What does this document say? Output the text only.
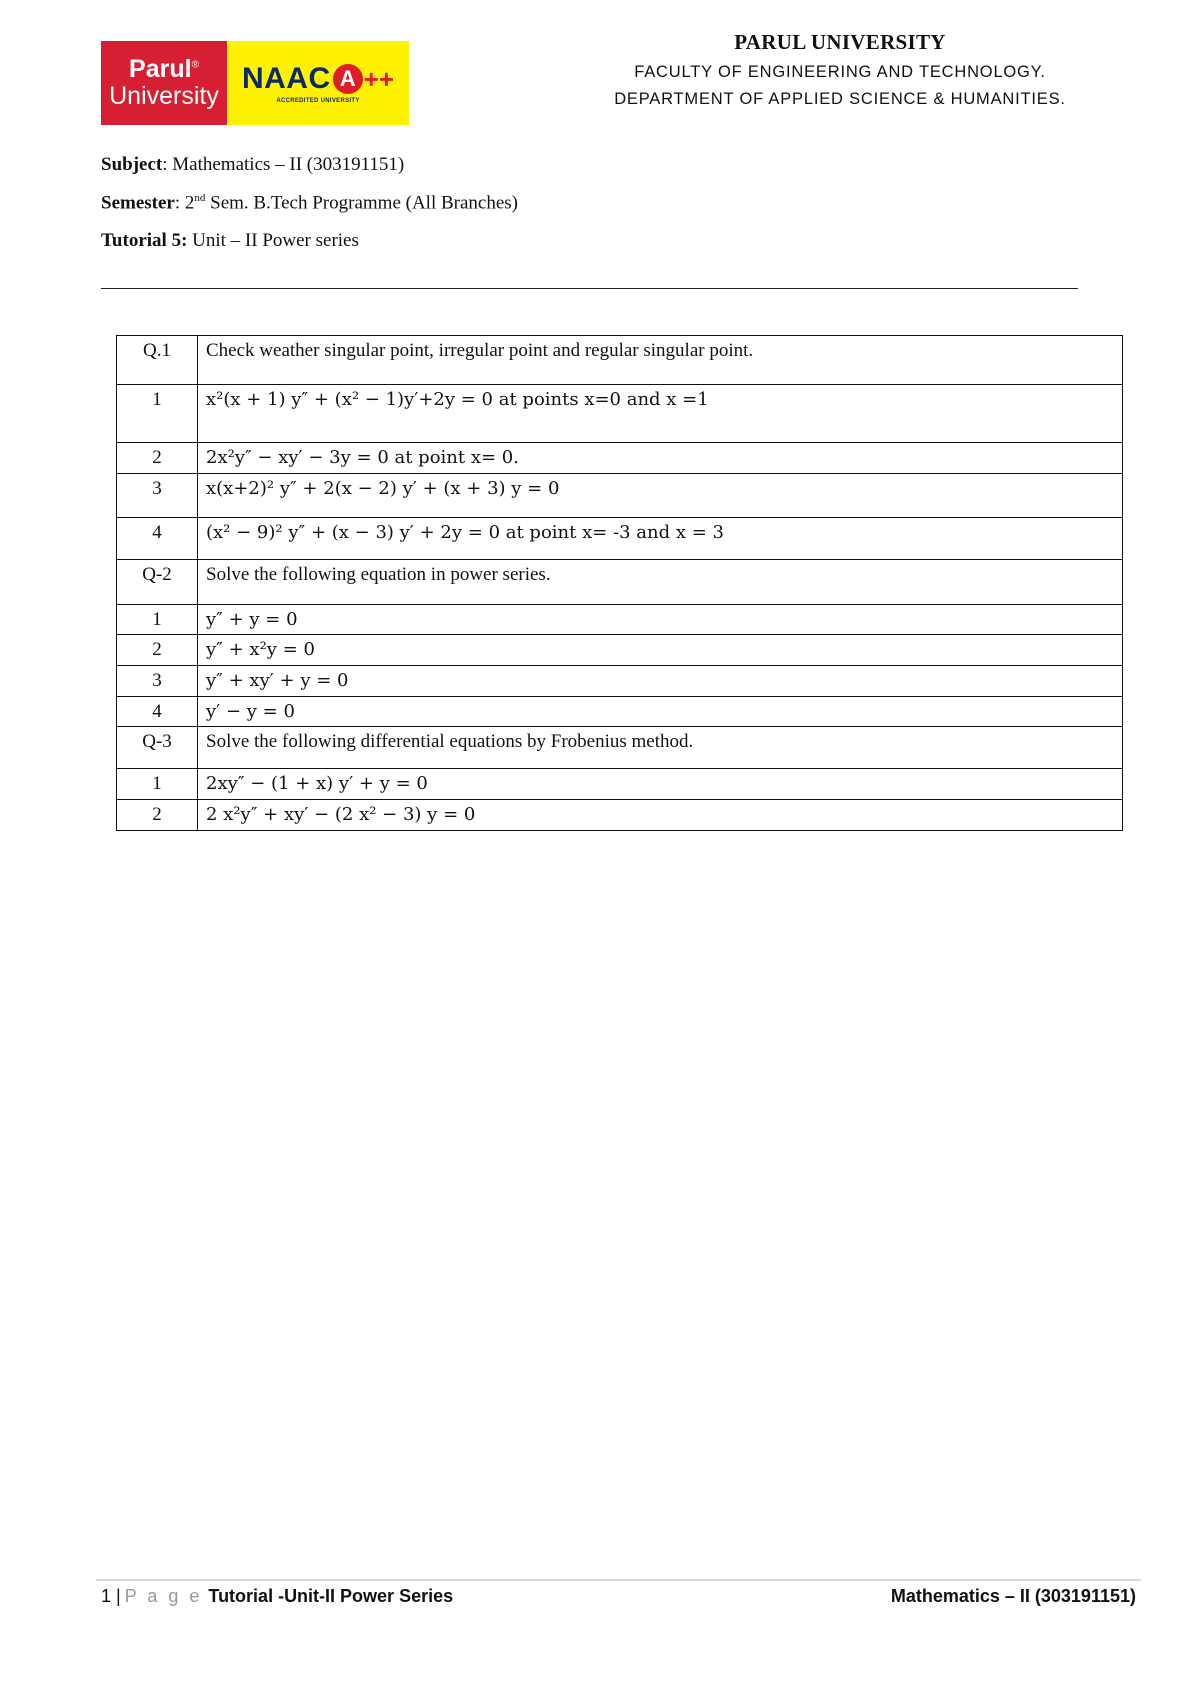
Parul®
University
NAAC A ++
ACCREDITED UNIVERSITY
PARUL UNIVERSITY
FACULTY OF ENGINEERING AND TECHNOLOGY.
DEPARTMENT OF APPLIED SCIENCE & HUMANITIES.
Subject: Mathematics – II (303191151)
Semester: 2nd Sem. B.Tech Programme (All Branches)
Tutorial 5: Unit – II Power series
Q.1	Check weather singular point, irregular point and regular singular point.
1	x²(x + 1) y″ + (x² − 1)y′+2y = 0 at points x=0 and x =1
2	2x²y″ − xy′ − 3y = 0 at point x= 0.
3	x(x+2)² y″ + 2(x − 2) y′ + (x + 3) y = 0
4	(x² − 9)² y″ + (x − 3) y′ + 2y = 0 at point x= -3 and x = 3
Q-2	Solve the following equation in power series.
1	y″ + y = 0
2	y″ + x²y = 0
3	y″ + xy′ + y = 0
4	y′ − y = 0
Q-3	Solve the following differential equations by Frobenius method.
1	2xy″ − (1 + x) y′ + y = 0
2	2 x²y″ + xy′ − (2 x² − 3) y = 0
1 | P a g e Tutorial -Unit-II Power Series	Mathematics – II (303191151)
